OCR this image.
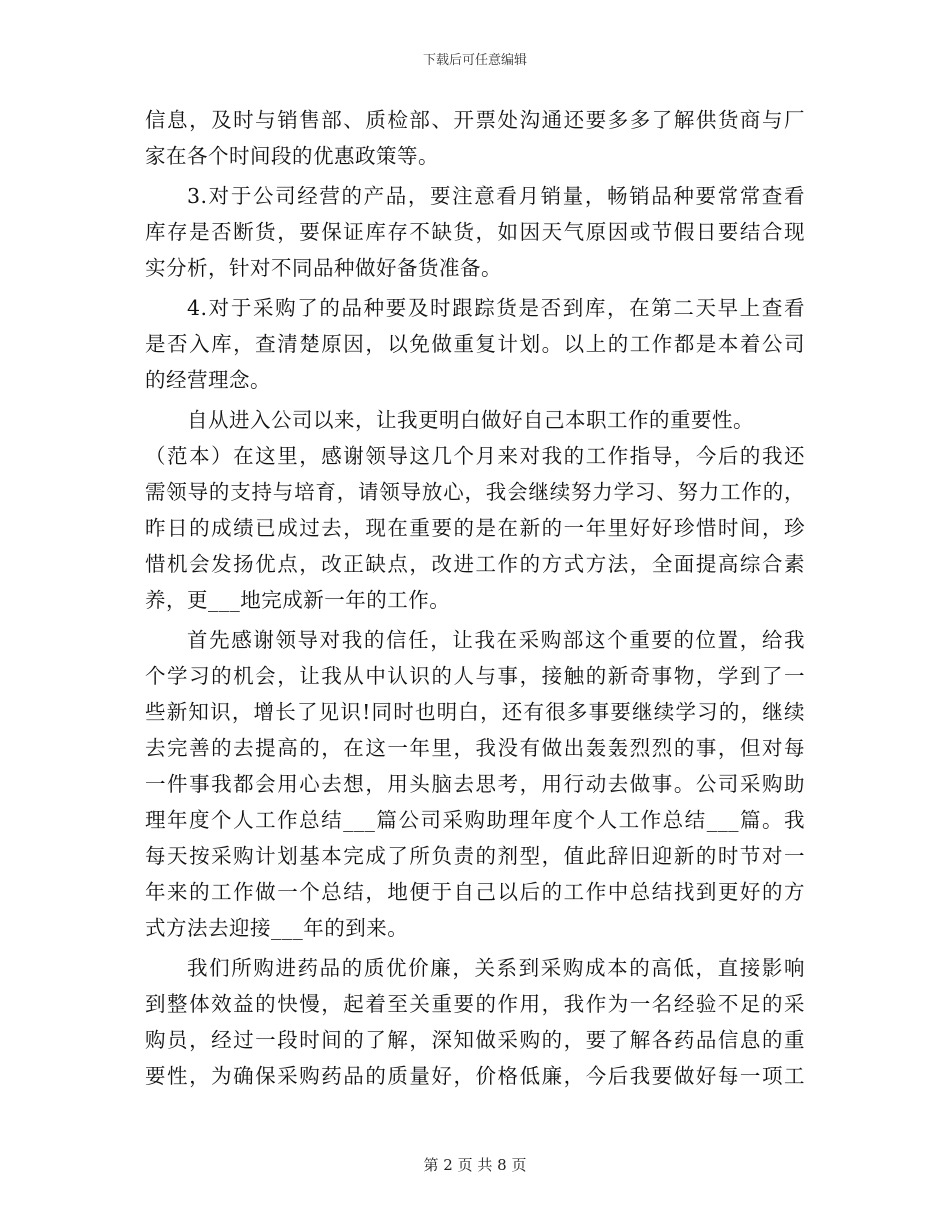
下载后可任意编辑
信息，及时与销售部、质检部、开票处沟通还要多多了解供货商与厂
家在各个时间段的优惠政策等。
3.对于公司经营的产品，要注意看月销量，畅销品种要常常查看
库存是否断货，要保证库存不缺货，如因天气原因或节假日要结合现
实分析，针对不同品种做好备货准备。
4.对于采购了的品种要及时跟踪货是否到库，在第二天早上查看
是否入库，查清楚原因，以免做重复计划。以上的工作都是本着公司
的经营理念。
自从进入公司以来，让我更明白做好自己本职工作的重要性。
（范本）在这里，感谢领导这几个月来对我的工作指导，今后的我还
需领导的支持与培育，请领导放心，我会继续努力学习、努力工作的，
昨日的成绩已成过去，现在重要的是在新的一年里好好珍惜时间，珍
惜机会发扬优点，改正缺点，改进工作的方式方法，全面提高综合素
养，更___地完成新一年的工作。
首先感谢领导对我的信任，让我在采购部这个重要的位置，给我
个学习的机会，让我从中认识的人与事，接触的新奇事物，学到了一
些新知识，增长了见识!同时也明白，还有很多事要继续学习的，继续
去完善的去提高的，在这一年里，我没有做出轰轰烈烈的事，但对每
一件事我都会用心去想，用头脑去思考，用行动去做事。公司采购助
理年度个人工作总结___篇公司采购助理年度个人工作总结___篇。我
每天按采购计划基本完成了所负责的剂型，值此辞旧迎新的时节对一
年来的工作做一个总结，地便于自己以后的工作中总结找到更好的方
式方法去迎接___年的到来。
我们所购进药品的质优价廉，关系到采购成本的高低，直接影响
到整体效益的快慢，起着至关重要的作用，我作为一名经验不足的采
购员，经过一段时间的了解，深知做采购的，要了解各药品信息的重
要性，为确保采购药品的质量好，价格低廉，今后我要做好每一项工
第 2 页 共 8 页
